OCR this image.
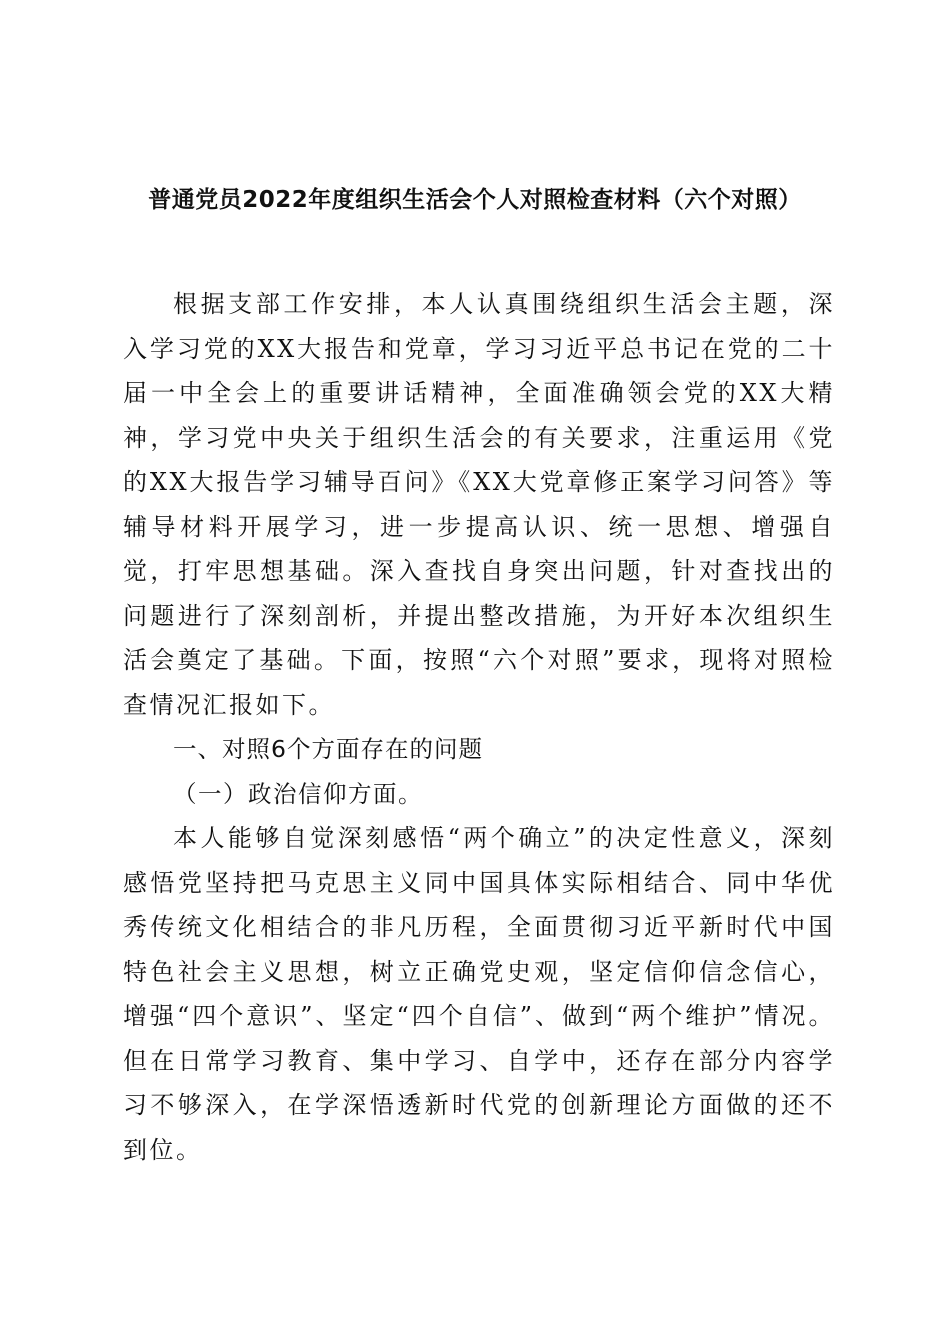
普通党员2022年度组织生活会个人对照检查材料（六个对照）

根据支部工作安排，本人认真围绕组织生活会主题，深入学习党的XX大报告和党章，学习习近平总书记在党的二十届一中全会上的重要讲话精神，全面准确领会党的XX大精神，学习党中央关于组织生活会的有关要求，注重运用《党的XX大报告学习辅导百问》《XX大党章修正案学习问答》等辅导材料开展学习，进一步提高认识、统一思想、增强自觉，打牢思想基础。深入查找自身突出问题，针对查找出的问题进行了深刻剖析，并提出整改措施，为开好本次组织生活会奠定了基础。下面，按照“六个对照”要求，现将对照检查情况汇报如下。

一、对照6个方面存在的问题

（一）政治信仰方面。

本人能够自觉深刻感悟“两个确立”的决定性意义，深刻感悟党坚持把马克思主义同中国具体实际相结合、同中华优秀传统文化相结合的非凡历程，全面贯彻习近平新时代中国特色社会主义思想，树立正确党史观，坚定信仰信念信心，增强“四个意识”、坚定“四个自信”、做到“两个维护”情况。但在日常学习教育、集中学习、自学中，还存在部分内容学习不够深入，在学深悟透新时代党的创新理论方面做的还不到位。
